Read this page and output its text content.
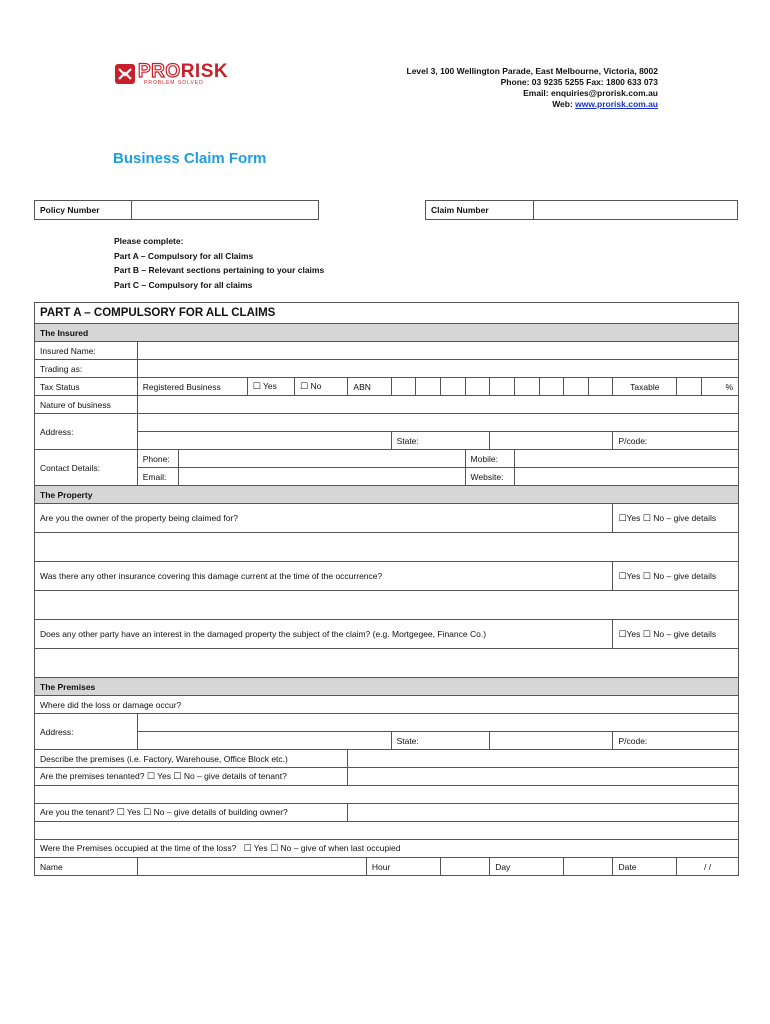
PRORISK
PROBLEM SOLVED
Level 3, 100 Wellington Parade, East Melbourne, Victoria, 8002
Phone: 03 9235 5255 Fax: 1800 633 073
Email: enquiries@prorisk.com.au
Web: www.prorisk.com.au
Business Claim Form
Policy Number		Claim Number	
Please complete:
Part A – Compulsory for all Claims
Part B – Relevant sections pertaining to your claims
Part C – Compulsory for all claims
PART A – COMPULSORY FOR ALL CLAIMS																		
The Insured																		
Insured Name:																		
Trading as:																		
Tax Status	Registered Business		☐ Yes	☐ No	ABN											Taxable		%
Nature of business																		
Address:																		
							State:									P/code:		
Contact Details:	Phone:									Mobile:								
	Email:									Website:								
The Property																		
Are you the owner of the property being claimed for?																☐Yes ☐ No – give details		

Was there any other insurance covering this damage current at the time of the occurrence?																☐Yes ☐ No – give details		

Does any other party have an interest in the damaged property the subject of the claim? (e.g. Mortgegee, Finance Co.)																☐Yes ☐ No – give details		

The Premises																		
Where did the loss or damage occur?																		
Address:																		
							State:									P/code:		
Describe the premises (i.e. Factory, Warehouse, Office Block etc.)																		
Are the premises tenanted? ☐ Yes ☐ No – give details of tenant?																		

Are you the tenant? ☐ Yes ☐ No – give details of building owner?																		

Were the Premises occupied at the time of the loss? ☐ Yes ☐ No – give of when last occupied																		
Name						Hour					Day					Date	/ /	
